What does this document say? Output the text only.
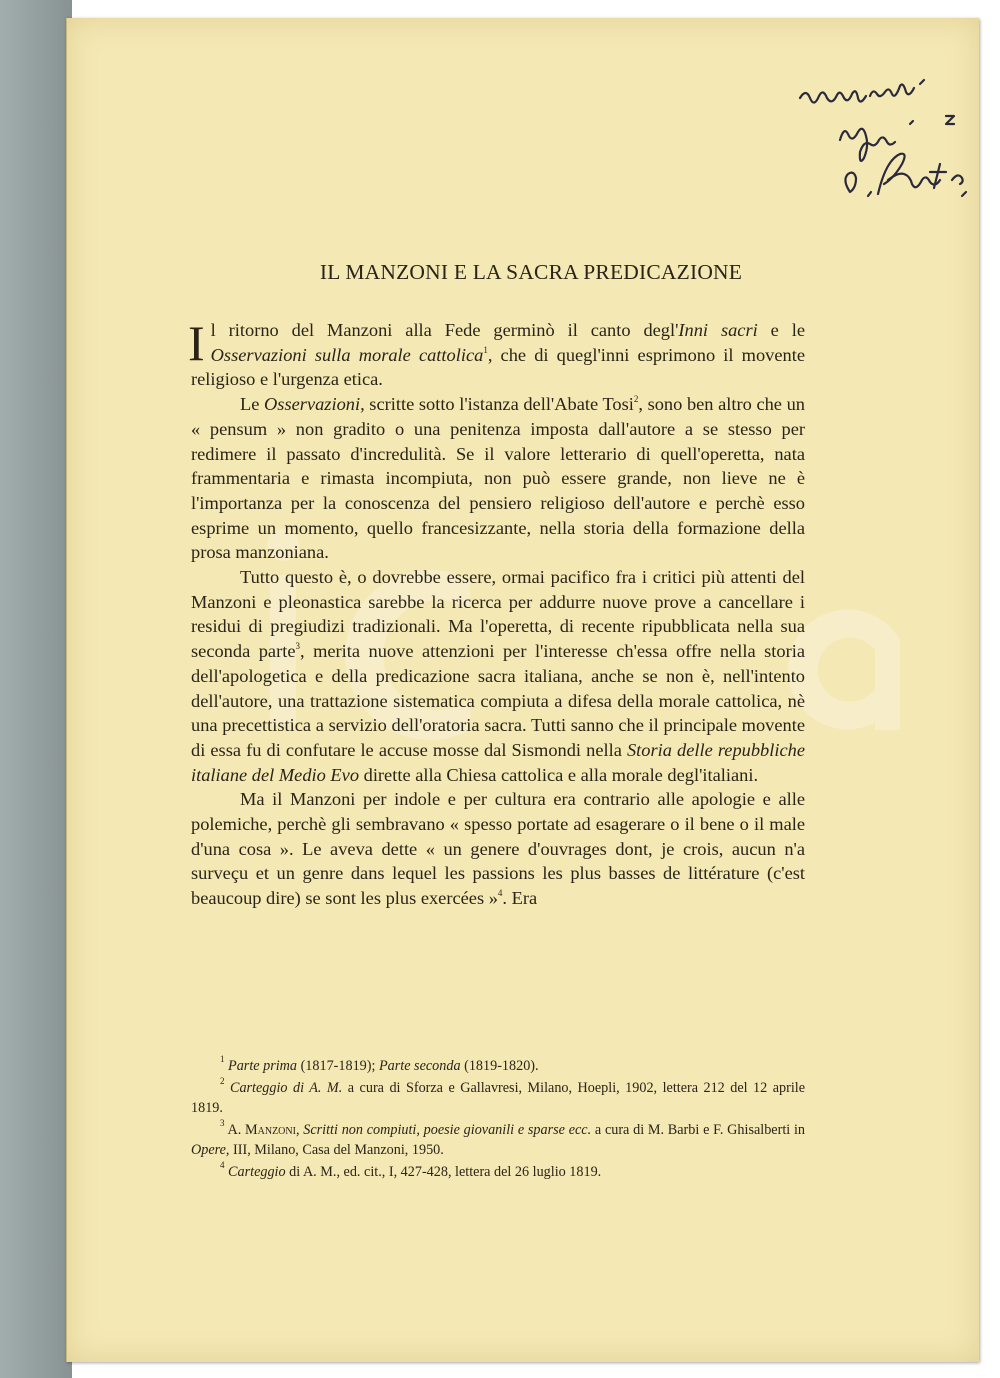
IL MANZONI E LA SACRA PREDICAZIONE

Il ritorno del Manzoni alla Fede germinò il canto degl'Inni sacri e le Osservazioni sulla morale cattolica$^1$, che di quegl'inni esprimono il movente religioso e l'urgenza etica.

Le Osservazioni, scritte sotto l'istanza dell'Abate Tosi$^2$, sono ben altro che un « pensum » non gradito o una penitenza imposta dall'autore a se stesso per redimere il passato d'incredulità. Se il valore letterario di quell'operetta, nata frammentaria e rimasta incompiuta, non può essere grande, non lieve ne è l'importanza per la conoscenza del pensiero religioso dell'autore e perchè esso esprime un momento, quello francesizzante, nella storia della formazione della prosa manzoniana.

Tutto questo è, o dovrebbe essere, ormai pacifico fra i critici più attenti del Manzoni e pleonastica sarebbe la ricerca per addurre nuove prove a cancellare i residui di pregiudizi tradizionali. Ma l'operetta, di recente ripubblicata nella sua seconda parte$^3$, merita nuove attenzioni per l'interesse ch'essa offre nella storia dell'apologetica e della predicazione sacra italiana, anche se non è, nell'intento dell'autore, una trattazione sistematica compiuta a difesa della morale cattolica, nè una precettistica a servizio dell'oratoria sacra. Tutti sanno che il principale movente di essa fu di confutare le accuse mosse dal Sismondi nella Storia delle repubbliche italiane del Medio Evo dirette alla Chiesa cattolica e alla morale degl'italiani.

Ma il Manzoni per indole e per cultura era contrario alle apologie e alle polemiche, perchè gli sembravano « spesso portate ad esagerare o il bene o il male d'una cosa ». Le aveva dette « un genere d'ouvrages dont, je crois, aucun n'a surveçu et un genre dans lequel les passions les plus basses de littérature (c'est beaucoup dire) se sont les plus exercées »$^4$. Era

$^1$ Parte prima (1817-1819); Parte seconda (1819-1820).

$^2$ Carteggio di A. M. a cura di Sforza e Gallavresi, Milano, Hoepli, 1902, lettera 212 del 12 aprile 1819.

$^3$ A. Manzoni, Scritti non compiuti, poesie giovanili e sparse ecc. a cura di M. Barbi e F. Ghisalberti in Opere, III, Milano, Casa del Manzoni, 1950.

$^4$ Carteggio di A. M., ed. cit., I, 427-428, lettera del 26 luglio 1819.
